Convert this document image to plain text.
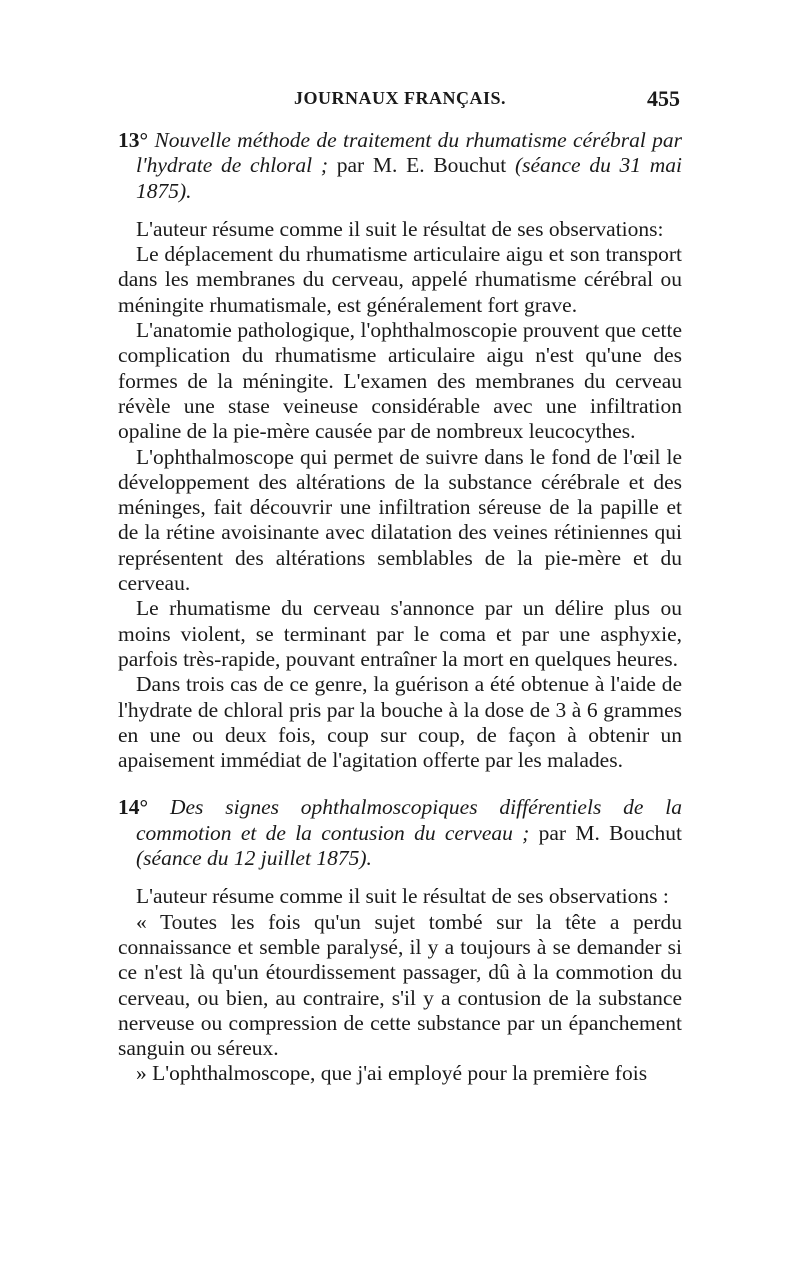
JOURNAUX FRANÇAIS.	455

13° Nouvelle méthode de traitement du rhumatisme cérébral par l'hydrate de chloral ; par M. E. Bouchut (séance du 31 mai 1875).

L'auteur résume comme il suit le résultat de ses observations:

Le déplacement du rhumatisme articulaire aigu et son transport dans les membranes du cerveau, appelé rhumatisme cérébral ou méningite rhumatismale, est généralement fort grave.

L'anatomie pathologique, l'ophthalmoscopie prouvent que cette complication du rhumatisme articulaire aigu n'est qu'une des formes de la méningite. L'examen des membranes du cerveau révèle une stase veineuse considérable avec une infiltration opaline de la pie-mère causée par de nombreux leucocythes.

L'ophthalmoscope qui permet de suivre dans le fond de l'œil le développement des altérations de la substance cérébrale et des méninges, fait découvrir une infiltration séreuse de la papille et de la rétine avoisinante avec dilatation des veines rétiniennes qui représentent des altérations semblables de la pie-mère et du cerveau.

Le rhumatisme du cerveau s'annonce par un délire plus ou moins violent, se terminant par le coma et par une asphyxie, parfois très-rapide, pouvant entraîner la mort en quelques heures.

Dans trois cas de ce genre, la guérison a été obtenue à l'aide de l'hydrate de chloral pris par la bouche à la dose de 3 à 6 grammes en une ou deux fois, coup sur coup, de façon à obtenir un apaisement immédiat de l'agitation offerte par les malades.

14° Des signes ophthalmoscopiques différentiels de la commotion et de la contusion du cerveau ; par M. Bouchut (séance du 12 juillet 1875).

L'auteur résume comme il suit le résultat de ses observations :

« Toutes les fois qu'un sujet tombé sur la tête a perdu connaissance et semble paralysé, il y a toujours à se demander si ce n'est là qu'un étourdissement passager, dû à la commotion du cerveau, ou bien, au contraire, s'il y a contusion de la substance nerveuse ou compression de cette substance par un épanchement sanguin ou séreux.

» L'ophthalmoscope, que j'ai employé pour la première fois
